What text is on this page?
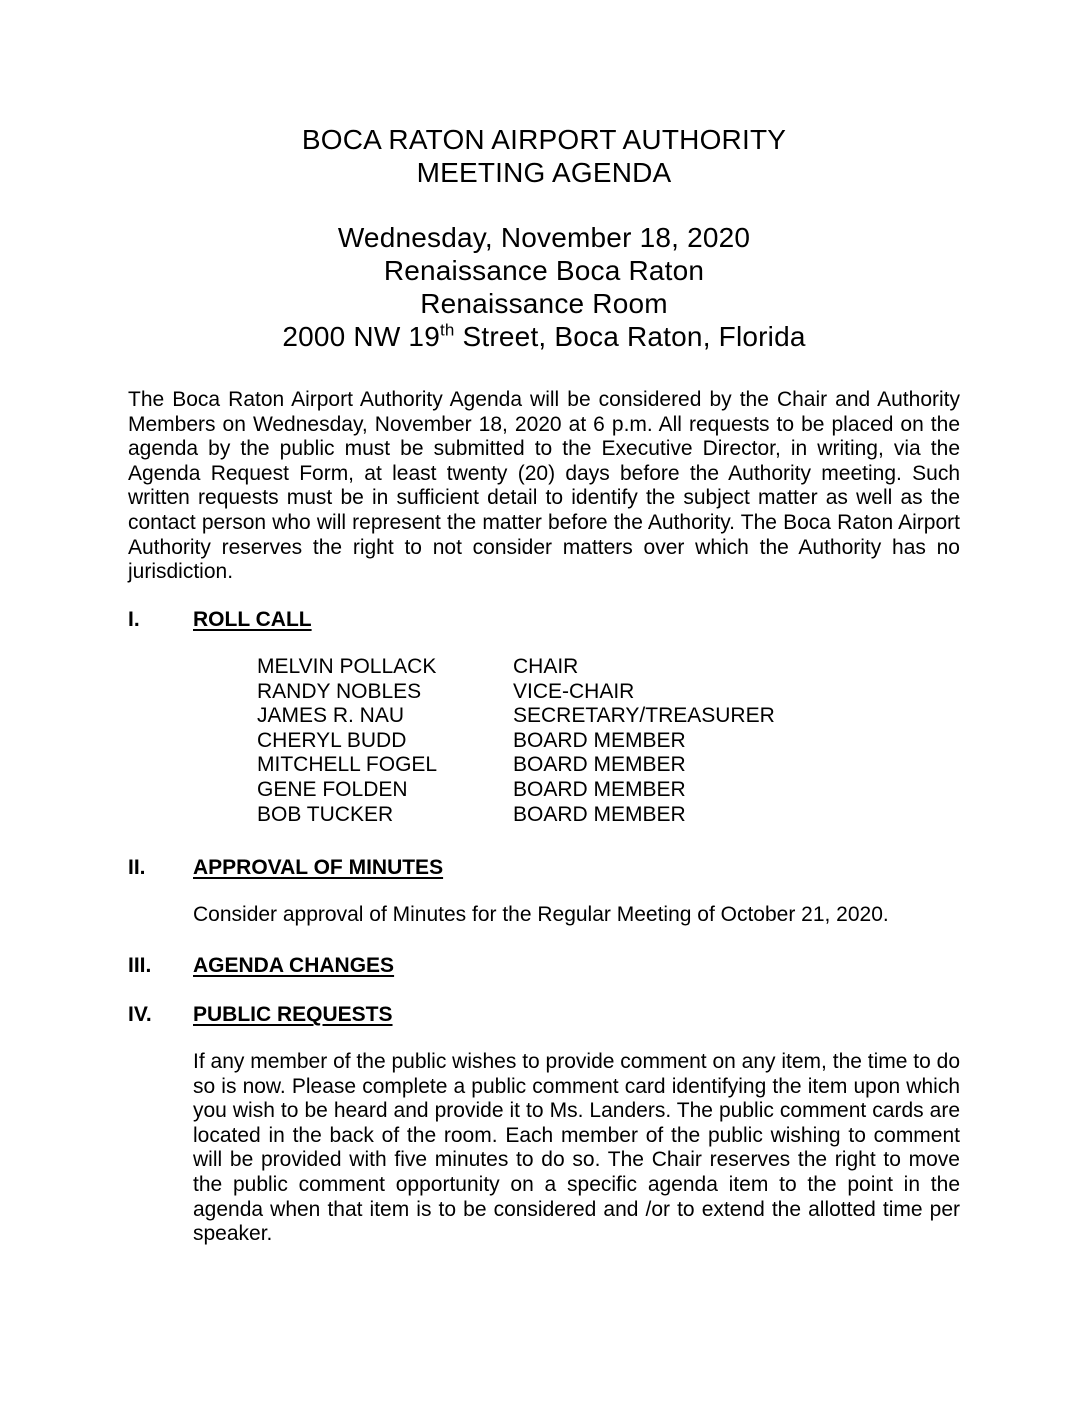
BOCA RATON AIRPORT AUTHORITY
MEETING AGENDA
Wednesday, November 18, 2020
Renaissance Boca Raton
Renaissance Room
2000 NW 19th Street, Boca Raton, Florida
The Boca Raton Airport Authority Agenda will be considered by the Chair and Authority Members on Wednesday, November 18, 2020 at 6 p.m. All requests to be placed on the agenda by the public must be submitted to the Executive Director, in writing, via the Agenda Request Form, at least twenty (20) days before the Authority meeting. Such written requests must be in sufficient detail to identify the subject matter as well as the contact person who will represent the matter before the Authority. The Boca Raton Airport Authority reserves the right to not consider matters over which the Authority has no jurisdiction.
I.	ROLL CALL
MELVIN POLLACK	CHAIR
RANDY NOBLES	VICE-CHAIR
JAMES R. NAU	SECRETARY/TREASURER
CHERYL BUDD	BOARD MEMBER
MITCHELL FOGEL	BOARD MEMBER
GENE FOLDEN	BOARD MEMBER
BOB TUCKER	BOARD MEMBER
II.	APPROVAL OF MINUTES
Consider approval of Minutes for the Regular Meeting of October 21, 2020.
III.	AGENDA CHANGES
IV.	PUBLIC REQUESTS
If any member of the public wishes to provide comment on any item, the time to do so is now. Please complete a public comment card identifying the item upon which you wish to be heard and provide it to Ms. Landers. The public comment cards are located in the back of the room. Each member of the public wishing to comment will be provided with five minutes to do so. The Chair reserves the right to move the public comment opportunity on a specific agenda item to the point in the agenda when that item is to be considered and /or to extend the allotted time per speaker.
